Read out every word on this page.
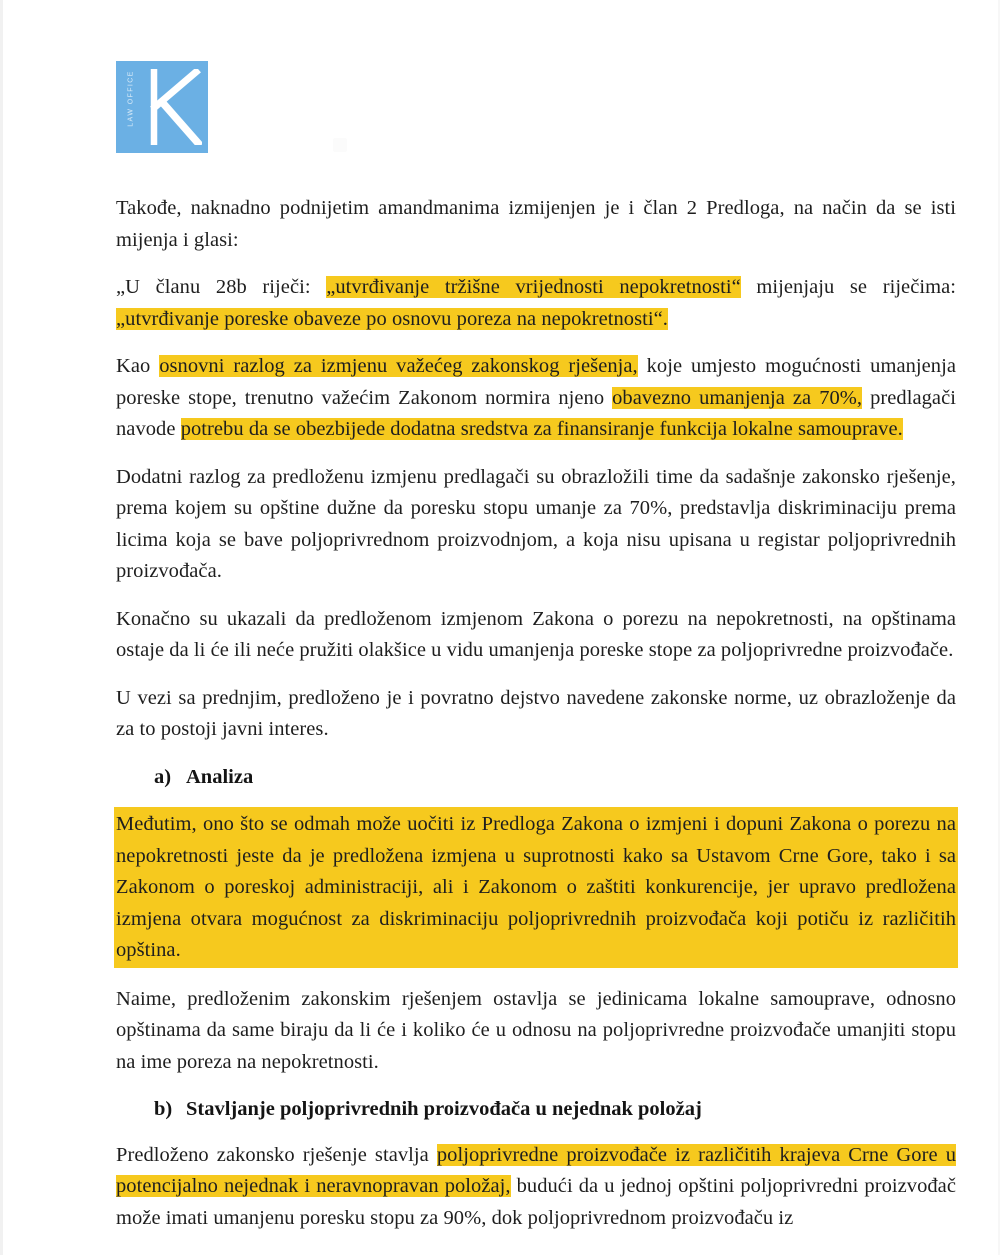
LAW OFFICE

Takođe, naknadno podnijetim amandmanima izmijenjen je i član 2 Predloga, na način da se isti mijenja i glasi:

„U članu 28b riječi: „utvrđivanje tržišne vrijednosti nepokretnosti“ mijenjaju se riječima: „utvrđivanje poreske obaveze po osnovu poreza na nepokretnosti“.

Kao osnovni razlog za izmjenu važećeg zakonskog rješenja, koje umjesto mogućnosti umanjenja poreske stope, trenutno važećim Zakonom normira njeno obavezno umanjenja za 70%, predlagači navode potrebu da se obezbijede dodatna sredstva za finansiranje funkcija lokalne samouprave.

Dodatni razlog za predloženu izmjenu predlagači su obrazložili time da sadašnje zakonsko rješenje, prema kojem su opštine dužne da poresku stopu umanje za 70%, predstavlja diskriminaciju prema licima koja se bave poljoprivrednom proizvodnjom, a koja nisu upisana u registar poljoprivrednih proizvođača.

Konačno su ukazali da predloženom izmjenom Zakona o porezu na nepokretnosti, na opštinama ostaje da li će ili neće pružiti olakšice u vidu umanjenja poreske stope za poljoprivredne proizvođače.

U vezi sa prednjim, predloženo je i povratno dejstvo navedene zakonske norme, uz obrazloženje da za to postoji javni interes.

a) Analiza

Međutim, ono što se odmah može uočiti iz Predloga Zakona o izmjeni i dopuni Zakona o porezu na nepokretnosti jeste da je predložena izmjena u suprotnosti kako sa Ustavom Crne Gore, tako i sa Zakonom o poreskoj administraciji, ali i Zakonom o zaštiti konkurencije, jer upravo predložena izmjena otvara mogućnost za diskriminaciju poljoprivrednih proizvođača koji potiču iz različitih opština.

Naime, predloženim zakonskim rješenjem ostavlja se jedinicama lokalne samouprave, odnosno opštinama da same biraju da li će i koliko će u odnosu na poljoprivredne proizvođače umanjiti stopu na ime poreza na nepokretnosti.

b) Stavljanje poljoprivrednih proizvođača u nejednak položaj

Predloženo zakonsko rješenje stavlja poljoprivredne proizvođače iz različitih krajeva Crne Gore u potencijalno nejednak i neravnopravan položaj, budući da u jednoj opštini poljoprivredni proizvođač može imati umanjenu poresku stopu za 90%, dok poljoprivrednom proizvođaču iz
